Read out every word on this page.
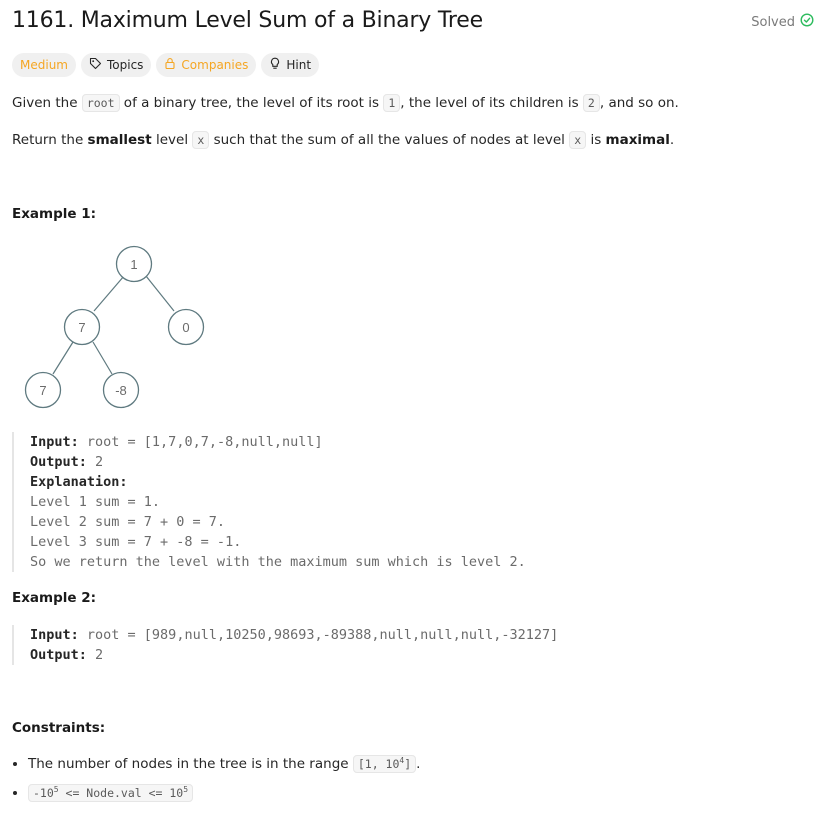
1161. Maximum Level Sum of a Binary Tree	Solved
Medium	Topics	Companies	Hint
Given the root of a binary tree, the level of its root is 1 , the level of its children is 2 , and so on.
Return the smallest level x such that the sum of all the values of nodes at level x is maximal.
Example 1:
1
7	0
7	-8
Input: root = [1,7,0,7,-8,null,null]
Output: 2
Explanation:
Level 1 sum = 1.
Level 2 sum = 7 + 0 = 7.
Level 3 sum = 7 + -8 = -1.
So we return the level with the maximum sum which is level 2.
Example 2:
Input: root = [989,null,10250,98693,-89388,null,null,null,-32127]
Output: 2
Constraints:
• The number of nodes in the tree is in the range [1, $10^4$] .
• $-10^5$ <= Node.val <= $10^5$
